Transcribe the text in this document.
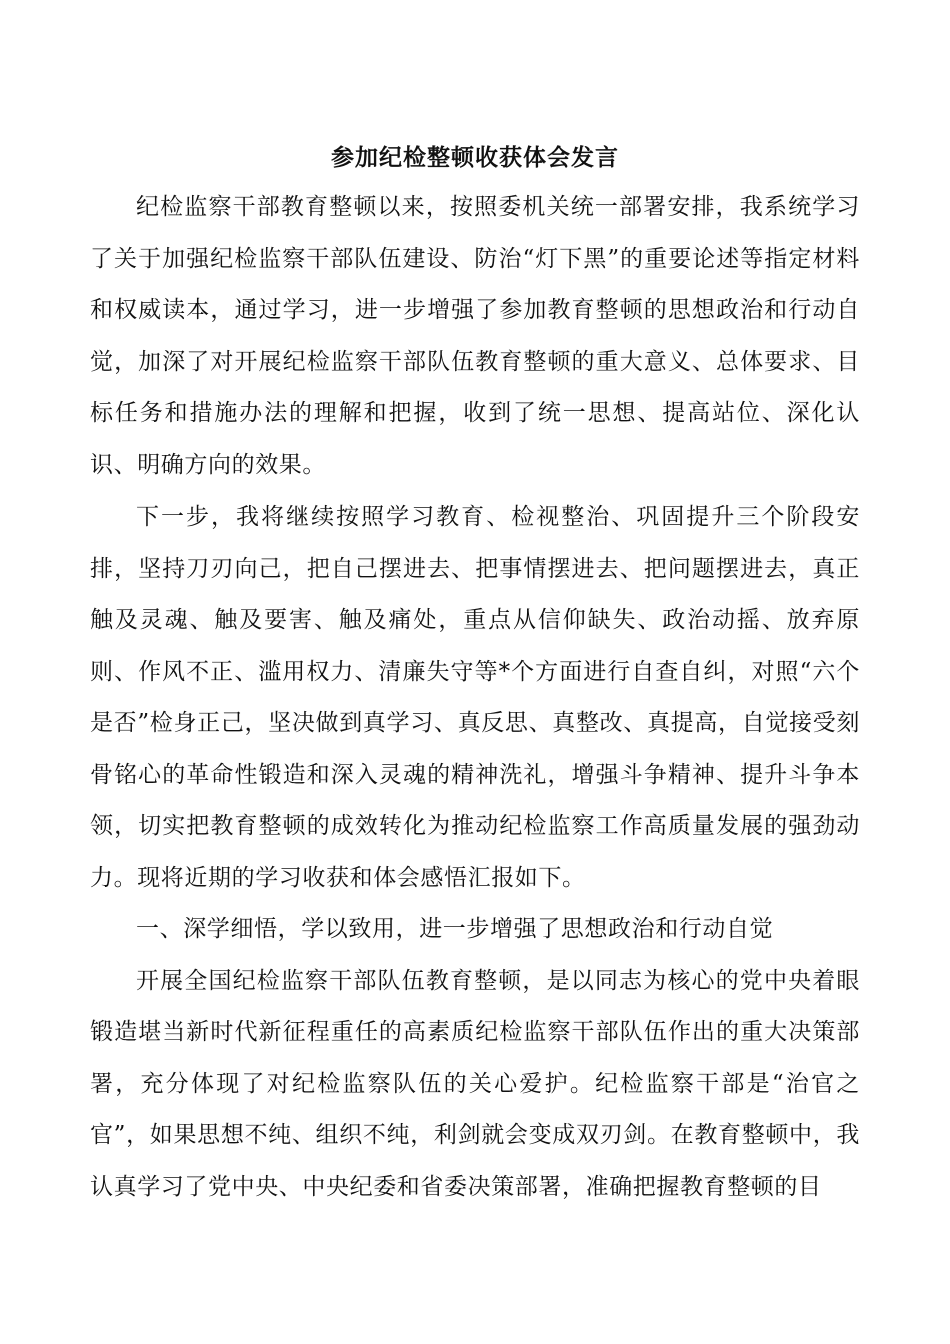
参加纪检整顿收获体会发言

纪检监察干部教育整顿以来，按照委机关统一部署安排，我系统学习了关于加强纪检监察干部队伍建设、防治“灯下黑”的重要论述等指定材料和权威读本，通过学习，进一步增强了参加教育整顿的思想政治和行动自觉，加深了对开展纪检监察干部队伍教育整顿的重大意义、总体要求、目标任务和措施办法的理解和把握，收到了统一思想、提高站位、深化认识、明确方向的效果。

下一步，我将继续按照学习教育、检视整治、巩固提升三个阶段安排，坚持刀刃向己，把自己摆进去、把事情摆进去、把问题摆进去，真正触及灵魂、触及要害、触及痛处，重点从信仰缺失、政治动摇、放弃原则、作风不正、滥用权力、清廉失守等*个方面进行自查自纠，对照“六个是否”检身正己，坚决做到真学习、真反思、真整改、真提高，自觉接受刻骨铭心的革命性锻造和深入灵魂的精神洗礼，增强斗争精神、提升斗争本领，切实把教育整顿的成效转化为推动纪检监察工作高质量发展的强劲动力。现将近期的学习收获和体会感悟汇报如下。

一、深学细悟，学以致用，进一步增强了思想政治和行动自觉

开展全国纪检监察干部队伍教育整顿，是以同志为核心的党中央着眼锻造堪当新时代新征程重任的高素质纪检监察干部队伍作出的重大决策部署，充分体现了对纪检监察队伍的关心爱护。纪检监察干部是“治官之官”，如果思想不纯、组织不纯，利剑就会变成双刃剑。在教育整顿中，我认真学习了党中央、中央纪委和省委决策部署，准确把握教育整顿的目
